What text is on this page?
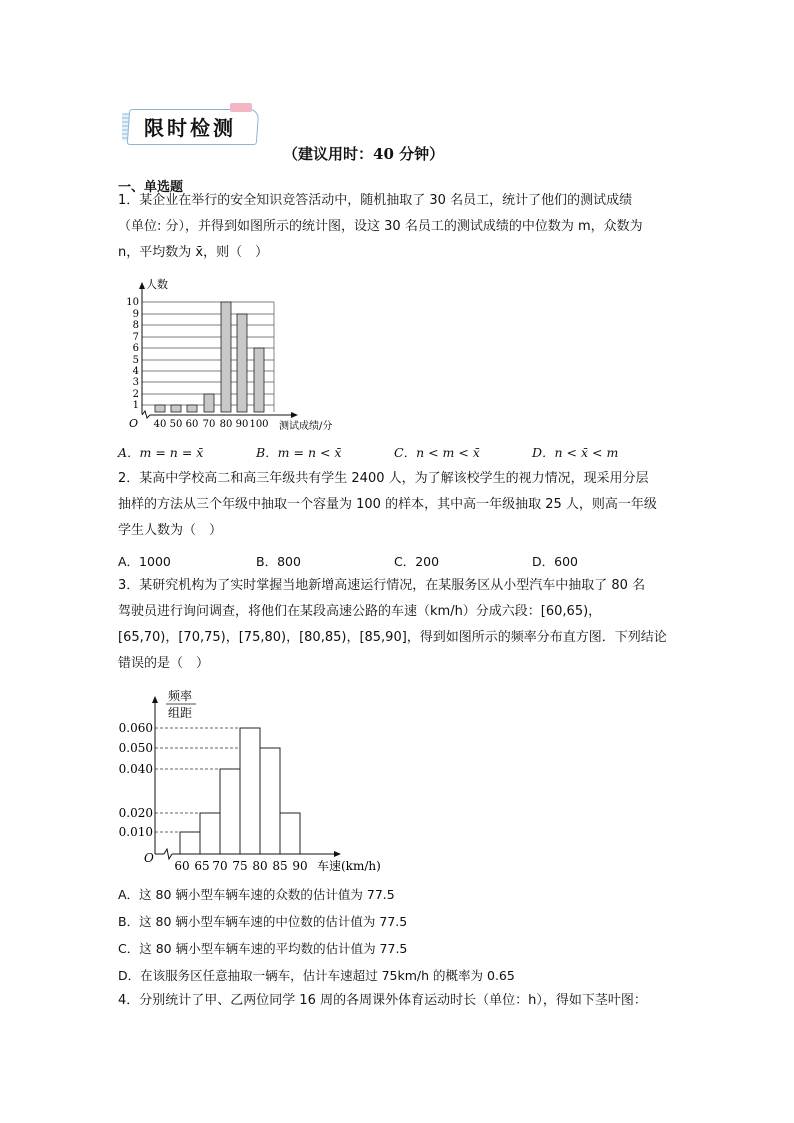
限时检测
（建议用时：40 分钟）
一、单选题
1．某企业在举行的安全知识竞答活动中，随机抽取了 30 名员工，统计了他们的测试成绩
（单位: 分），并得到如图所示的统计图，设这 30 名员工的测试成绩的中位数为 m，众数为
n，平均数为 x̄，则（　）
人数
10
9
8
7
6
5
4
3
2
1
O 40 50 60 70 80 90 100 测试成绩/分
A．m = n = x̄	B．m = n < x̄	C．n < m < x̄	D．n < x̄ < m
2．某高中学校高二和高三年级共有学生 2400 人，为了解该校学生的视力情况，现采用分层
抽样的方法从三个年级中抽取一个容量为 100 的样本，其中高一年级抽取 25 人，则高一年级
学生人数为（　）
A．1000	B．800	C．200	D．600
3．某研究机构为了实时掌握当地新增高速运行情况，在某服务区从小型汽车中抽取了 80 名
驾驶员进行询问调查，将他们在某段高速公路的车速（km/h）分成六段：[60,65)，
[65,70)，[70,75)，[75,80)，[80,85)，[85,90]，得到如图所示的频率分布直方图．下列结论
错误的是（　）
频率
组距
0.060
0.050
0.040
0.020
0.010
O
60 65 70 75 80 85 90 车速(km/h)
A．这 80 辆小型车辆车速的众数的估计值为 77.5
B．这 80 辆小型车辆车速的中位数的估计值为 77.5
C．这 80 辆小型车辆车速的平均数的估计值为 77.5
D．在该服务区任意抽取一辆车，估计车速超过 75km/h 的概率为 0.65
4．分别统计了甲、乙两位同学 16 周的各周课外体育运动时长（单位：h），得如下茎叶图：
